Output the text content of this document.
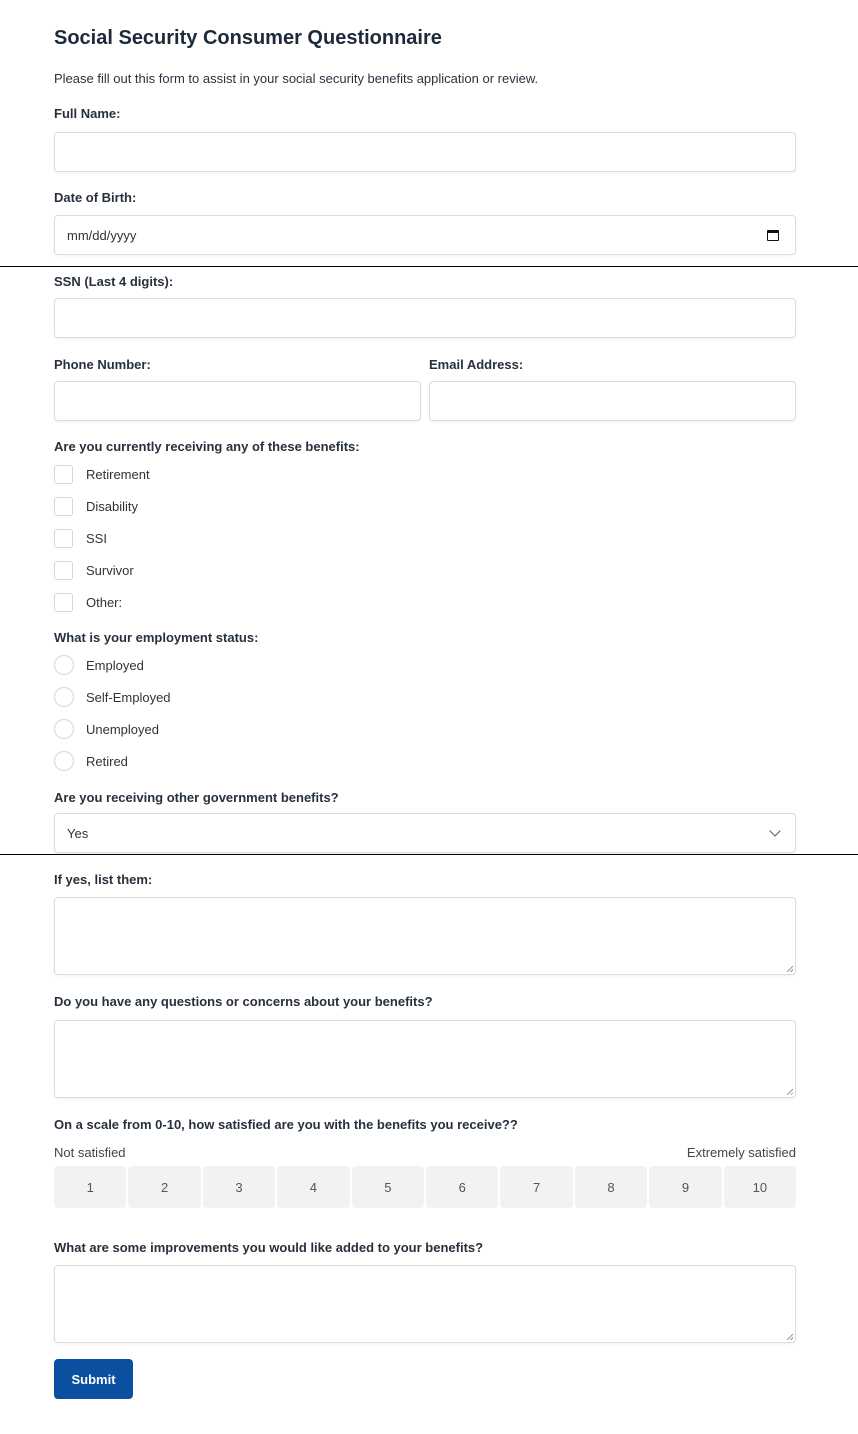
Social Security Consumer Questionnaire
Please fill out this form to assist in your social security benefits application or review.
Full Name:
Date of Birth:
mm/dd/yyyy
SSN (Last 4 digits):
Phone Number:	Email Address:
Are you currently receiving any of these benefits:
Retirement
Disability
SSI
Survivor
Other:
What is your employment status:
Employed
Self-Employed
Unemployed
Retired
Are you receiving other government benefits?
Yes
If yes, list them:
Do you have any questions or concerns about your benefits?
On a scale from 0-10, how satisfied are you with the benefits you receive??
Not satisfied	Extremely satisfied
1	2	3	4	5	6	7	8	9	10
What are some improvements you would like added to your benefits?
Submit
